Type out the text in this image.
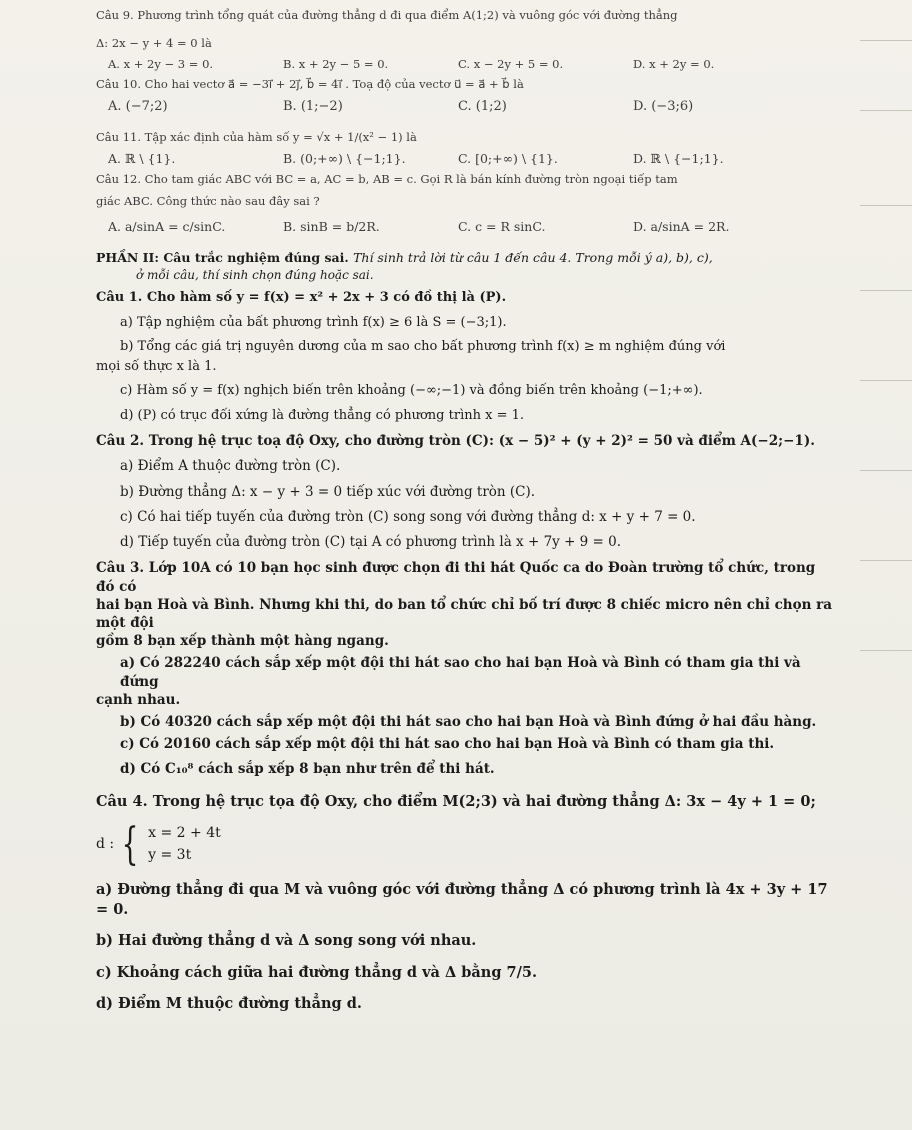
Câu 9. Phương trình tổng quát của đường thẳng d đi qua điểm A(1;2) và vuông góc với đường thẳng

Δ: 2x − y + 4 = 0 là

A. x + 2y − 3 = 0.	B. x + 2y − 5 = 0.	C. x − 2y + 5 = 0.	D. x + 2y = 0.

Câu 10. Cho hai vectơ a⃗ = −3i⃗ + 2j⃗, b⃗ = 4i⃗ . Toạ độ của vectơ u⃗ = a⃗ + b⃗ là

A. (−7;2)	B. (1;−2)	C. (1;2)	D. (−3;6)

Câu 11. Tập xác định của hàm số y = √x + 1/(x² − 1) là

A. ℝ \ {1}.	B. (0;+∞) \ {−1;1}.	C. [0;+∞) \ {1}.	D. ℝ \ {−1;1}.

Câu 12. Cho tam giác ABC với BC = a, AC = b, AB = c. Gọi R là bán kính đường tròn ngoại tiếp tam

giác ABC. Công thức nào sau đây sai ?

A. a/sinA = c/sinC.	B. sinB = b/2R.	C. c = R sinC.	D. a/sinA = 2R.

PHẦN II: Câu trắc nghiệm đúng sai. Thí sinh trả lời từ câu 1 đến câu 4. Trong mỗi ý a), b), c),

ở mỗi câu, thí sinh chọn đúng hoặc sai.

Câu 1. Cho hàm số y = f(x) = x² + 2x + 3 có đồ thị là (P).

a) Tập nghiệm của bất phương trình f(x) ≥ 6 là S = (−3;1).

b) Tổng các giá trị nguyên dương của m sao cho bất phương trình f(x) ≥ m nghiệm đúng với

mọi số thực x là 1.

c) Hàm số y = f(x) nghịch biến trên khoảng (−∞;−1) và đồng biến trên khoảng (−1;+∞).

d) (P) có trục đối xứng là đường thẳng có phương trình x = 1.

Câu 2. Trong hệ trục toạ độ Oxy, cho đường tròn (C): (x − 5)² + (y + 2)² = 50 và điểm A(−2;−1).

a) Điểm A thuộc đường tròn (C).

b) Đường thẳng Δ: x − y + 3 = 0 tiếp xúc với đường tròn (C).

c) Có hai tiếp tuyến của đường tròn (C) song song với đường thẳng d: x + y + 7 = 0.

d) Tiếp tuyến của đường tròn (C) tại A có phương trình là x + 7y + 9 = 0.

Câu 3. Lớp 10A có 10 bạn học sinh được chọn đi thi hát Quốc ca do Đoàn trường tổ chức, trong đó có

hai bạn Hoà và Bình. Nhưng khi thi, do ban tổ chức chỉ bố trí được 8 chiếc micro nên chỉ chọn ra một đội

gồm 8 bạn xếp thành một hàng ngang.

a) Có 282240 cách sắp xếp một đội thi hát sao cho hai bạn Hoà và Bình có tham gia thi và đứng

cạnh nhau.

b) Có 40320 cách sắp xếp một đội thi hát sao cho hai bạn Hoà và Bình đứng ở hai đầu hàng.

c) Có 20160 cách sắp xếp một đội thi hát sao cho hai bạn Hoà và Bình có tham gia thi.

d) Có C₁₀⁸ cách sắp xếp 8 bạn như trên để thi hát.

Câu 4. Trong hệ trục tọa độ Oxy, cho điểm M(2;3) và hai đường thẳng Δ: 3x − 4y + 1 = 0;

d : { x = 2 + 4t
y = 3t

a) Đường thẳng đi qua M và vuông góc với đường thẳng Δ có phương trình là 4x + 3y + 17 = 0.

b) Hai đường thẳng d và Δ song song với nhau.

c) Khoảng cách giữa hai đường thẳng d và Δ bằng 7/5.

d) Điểm M thuộc đường thẳng d.
